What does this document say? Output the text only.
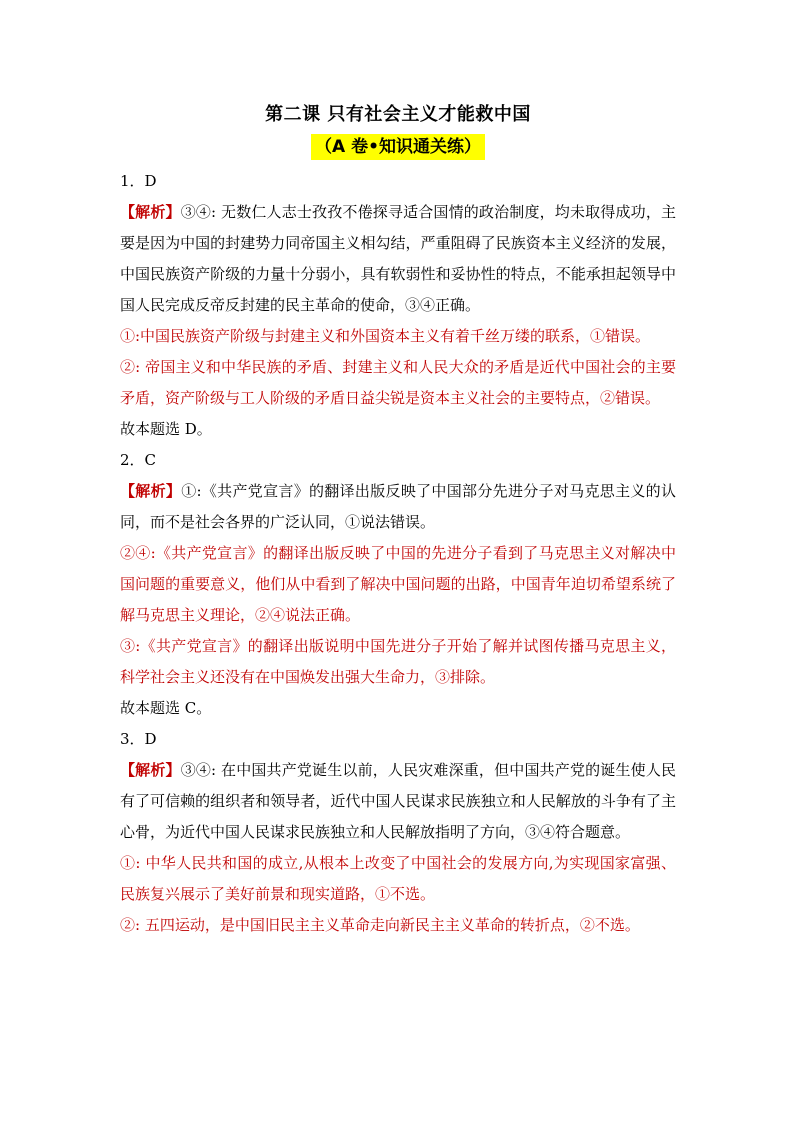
第二课 只有社会主义才能救中国
（A 卷•知识通关练）

1．D

【解析】③④: 无数仁人志士孜孜不倦探寻适合国情的政治制度，均未取得成功，主要是因为中国的封建势力同帝国主义相勾结，严重阻碍了民族资本主义经济的发展，中国民族资产阶级的力量十分弱小，具有软弱性和妥协性的特点，不能承担起领导中国人民完成反帝反封建的民主革命的使命，③④正确。

①:中国民族资产阶级与封建主义和外国资本主义有着千丝万缕的联系，①错误。

②: 帝国主义和中华民族的矛盾、封建主义和人民大众的矛盾是近代中国社会的主要矛盾，资产阶级与工人阶级的矛盾日益尖锐是资本主义社会的主要特点，②错误。

故本题选 D。

2．C

【解析】①:《共产党宣言》的翻译出版反映了中国部分先进分子对马克思主义的认同，而不是社会各界的广泛认同，①说法错误。

②④:《共产党宣言》的翻译出版反映了中国的先进分子看到了马克思主义对解决中国问题的重要意义，他们从中看到了解决中国问题的出路，中国青年迫切希望系统了解马克思主义理论，②④说法正确。

③:《共产党宣言》的翻译出版说明中国先进分子开始了解并试图传播马克思主义，科学社会主义还没有在中国焕发出强大生命力，③排除。

故本题选 C。

3．D

【解析】③④: 在中国共产党诞生以前，人民灾难深重，但中国共产党的诞生使人民有了可信赖的组织者和领导者，近代中国人民谋求民族独立和人民解放的斗争有了主心骨，为近代中国人民谋求民族独立和人民解放指明了方向，③④符合题意。

①: 中华人民共和国的成立,从根本上改变了中国社会的发展方向,为实现国家富强、民族复兴展示了美好前景和现实道路，①不选。

②: 五四运动，是中国旧民主主义革命走向新民主主义革命的转折点，②不选。
